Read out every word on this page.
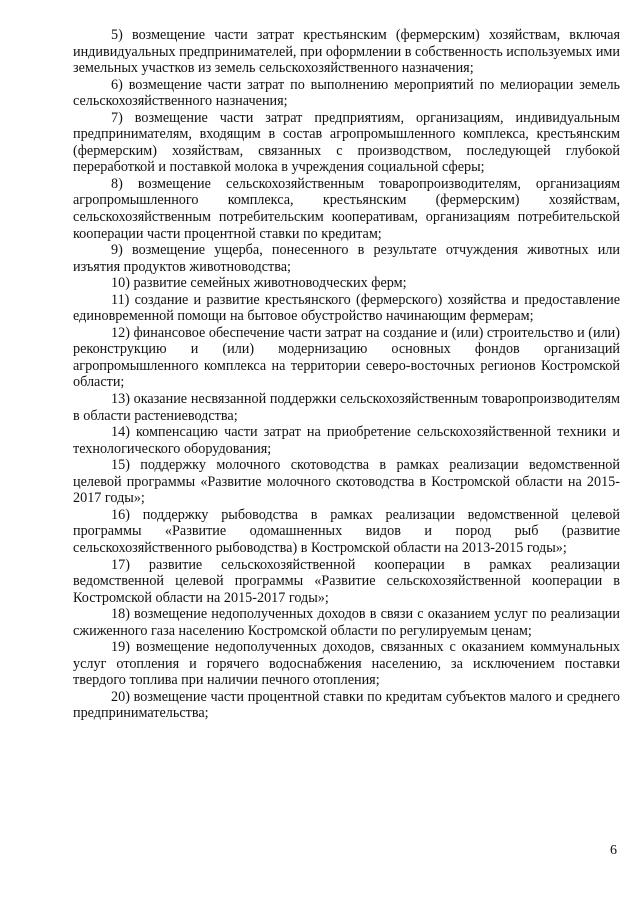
5) возмещение части затрат крестьянским (фермерским) хозяйствам, включая индивидуальных предпринимателей, при оформлении в собственность используемых ими земельных участков из земель сельскохозяйственного назначения;

6) возмещение части затрат по выполнению мероприятий по мелиорации земель сельскохозяйственного назначения;

7) возмещение части затрат предприятиям, организациям, индивидуальным предпринимателям, входящим в состав агропромышленного комплекса, крестьянским (фермерским) хозяйствам, связанных с производством, последующей глубокой переработкой и поставкой молока в учреждения социальной сферы;

8) возмещение сельскохозяйственным товаропроизводителям, организациям агропромышленного комплекса, крестьянским (фермерским) хозяйствам, сельскохозяйственным потребительским кооперативам, организациям потребительской кооперации части процентной ставки по кредитам;

9) возмещение ущерба, понесенного в результате отчуждения животных или изъятия продуктов животноводства;

10) развитие семейных животноводческих ферм;

11) создание и развитие крестьянского (фермерского) хозяйства и предоставление единовременной помощи на бытовое обустройство начинающим фермерам;

12) финансовое обеспечение части затрат на создание и (или) строительство и (или) реконструкцию и (или) модернизацию основных фондов организаций агропромышленного комплекса на территории северо-восточных регионов Костромской области;

13) оказание несвязанной поддержки сельскохозяйственным товаропроизводителям в области растениеводства;

14) компенсацию части затрат на приобретение сельскохозяйственной техники и технологического оборудования;

15) поддержку молочного скотоводства в рамках реализации ведомственной целевой программы «Развитие молочного скотоводства в Костромской области на 2015-2017 годы»;

16) поддержку рыбоводства в рамках реализации ведомственной целевой программы «Развитие одомашненных видов и пород рыб (развитие сельскохозяйственного рыбоводства) в Костромской области на 2013-2015 годы»;

17) развитие сельскохозяйственной кооперации в рамках реализации ведомственной целевой программы «Развитие сельскохозяйственной кооперации в Костромской области на 2015-2017 годы»;

18) возмещение недополученных доходов в связи с оказанием услуг по реализации сжиженного газа населению Костромской области по регулируемым ценам;

19) возмещение недополученных доходов, связанных с оказанием коммунальных услуг отопления и горячего водоснабжения населению, за исключением поставки твердого топлива при наличии печного отопления;

20) возмещение части процентной ставки по кредитам субъектов малого и среднего предпринимательства;

6
